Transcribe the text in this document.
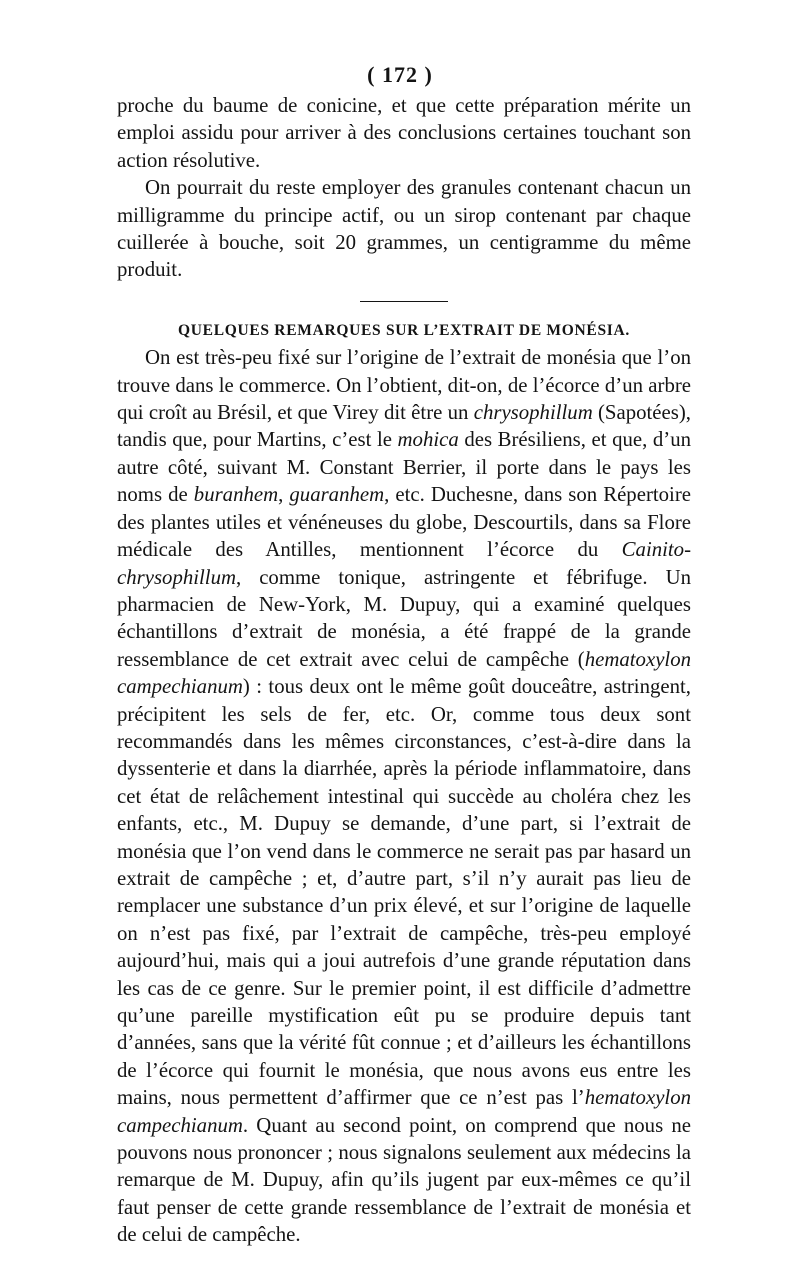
( 172 )

proche du baume de conicine, et que cette préparation mérite un emploi assidu pour arriver à des conclusions certaines touchant son action résolutive.

On pourrait du reste employer des granules contenant chacun un milligramme du principe actif, ou un sirop contenant par chaque cuillerée à bouche, soit 20 grammes, un centigramme du même produit.

QUELQUES REMARQUES SUR L’EXTRAIT DE MONÉSIA.

On est très-peu fixé sur l’origine de l’extrait de monésia que l’on trouve dans le commerce. On l’obtient, dit-on, de l’écorce d’un arbre qui croît au Brésil, et que Virey dit être un chrysophillum (Sapotées), tandis que, pour Martins, c’est le mohica des Brésiliens, et que, d’un autre côté, suivant M. Constant Berrier, il porte dans le pays les noms de buranhem, guaranhem, etc. Duchesne, dans son Répertoire des plantes utiles et vénéneuses du globe, Descourtils, dans sa Flore médicale des Antilles, mentionnent l’écorce du Cainito-chrysophillum, comme tonique, astringente et fébrifuge. Un pharmacien de New-York, M. Dupuy, qui a examiné quelques échantillons d’extrait de monésia, a été frappé de la grande ressemblance de cet extrait avec celui de campêche (hematoxylon campechianum) : tous deux ont le même goût douceâtre, astringent, précipitent les sels de fer, etc. Or, comme tous deux sont recommandés dans les mêmes circonstances, c’est-à-dire dans la dyssenterie et dans la diarrhée, après la période inflammatoire, dans cet état de relâchement intestinal qui succède au choléra chez les enfants, etc., M. Dupuy se demande, d’une part, si l’extrait de monésia que l’on vend dans le commerce ne serait pas par hasard un extrait de campêche ; et, d’autre part, s’il n’y aurait pas lieu de remplacer une substance d’un prix élevé, et sur l’origine de laquelle on n’est pas fixé, par l’extrait de campêche, très-peu employé aujourd’hui, mais qui a joui autrefois d’une grande réputation dans les cas de ce genre. Sur le premier point, il est difficile d’admettre qu’une pareille mystification eût pu se produire depuis tant d’années, sans que la vérité fût connue ; et d’ailleurs les échantillons de l’écorce qui fournit le monésia, que nous avons eus entre les mains, nous permettent d’affirmer que ce n’est pas l’hematoxylon campechianum. Quant au second point, on comprend que nous ne pouvons nous prononcer ; nous signalons seulement aux médecins la remarque de M. Dupuy, afin qu’ils jugent par eux-mêmes ce qu’il faut penser de cette grande ressemblance de l’extrait de monésia et de celui de campêche.
